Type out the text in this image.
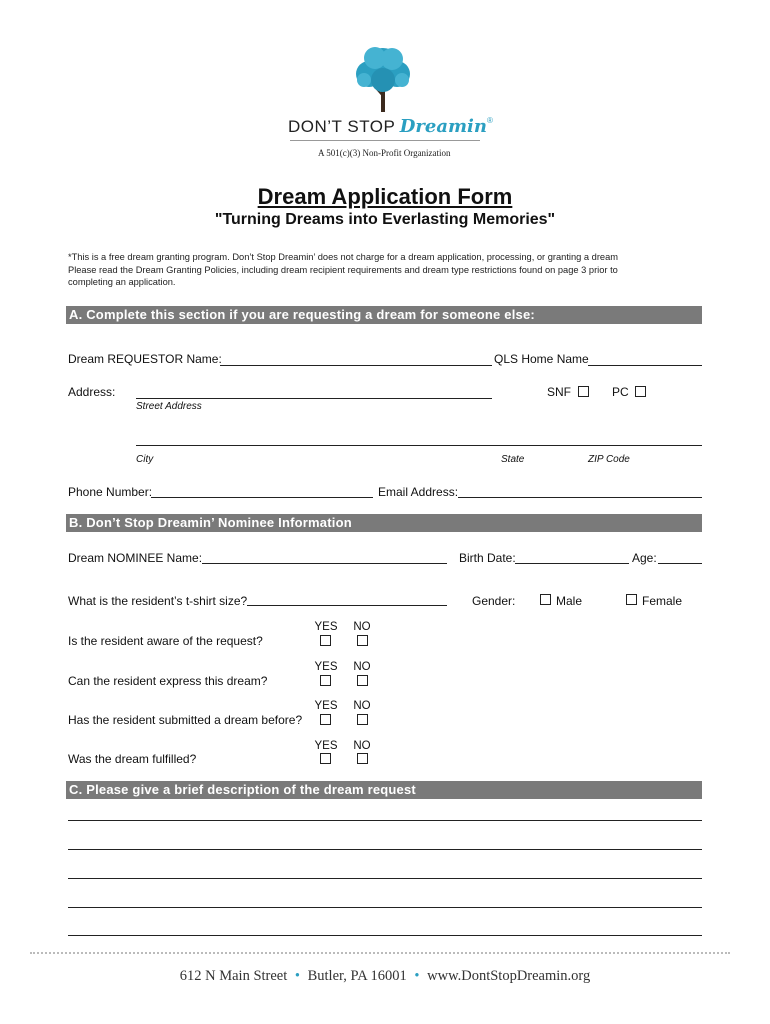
DON’T STOP Dreamin®
A 501(c)(3) Non-Profit Organization
Dream Application Form
"Turning Dreams into Everlasting Memories"
*This is a free dream granting program. Don’t Stop Dreamin’ does not charge for a dream application, processing, or granting a dream
Please read the Dream Granting Policies, including dream recipient requirements and dream type restrictions found on page 3 prior to
completing an application.
A. Complete this section if you are requesting a dream for someone else:
Dream REQUESTOR Name:	QLS Home Name
Address:
Street Address
SNF	PC
City	State	ZIP Code
Phone Number:	Email Address:
B. Don’t Stop Dreamin’ Nominee Information
Dream NOMINEE Name:	Birth Date:	Age:
What is the resident’s t-shirt size?	Gender:	Male	Female
YES	NO
Is the resident aware of the request?
YES	NO
Can the resident express this dream?
YES	NO
Has the resident submitted a dream before?
YES	NO
Was the dream fulfilled?
C. Please give a brief description of the dream request
612 N Main Street • Butler, PA 16001 • www.DontStopDreamin.org
